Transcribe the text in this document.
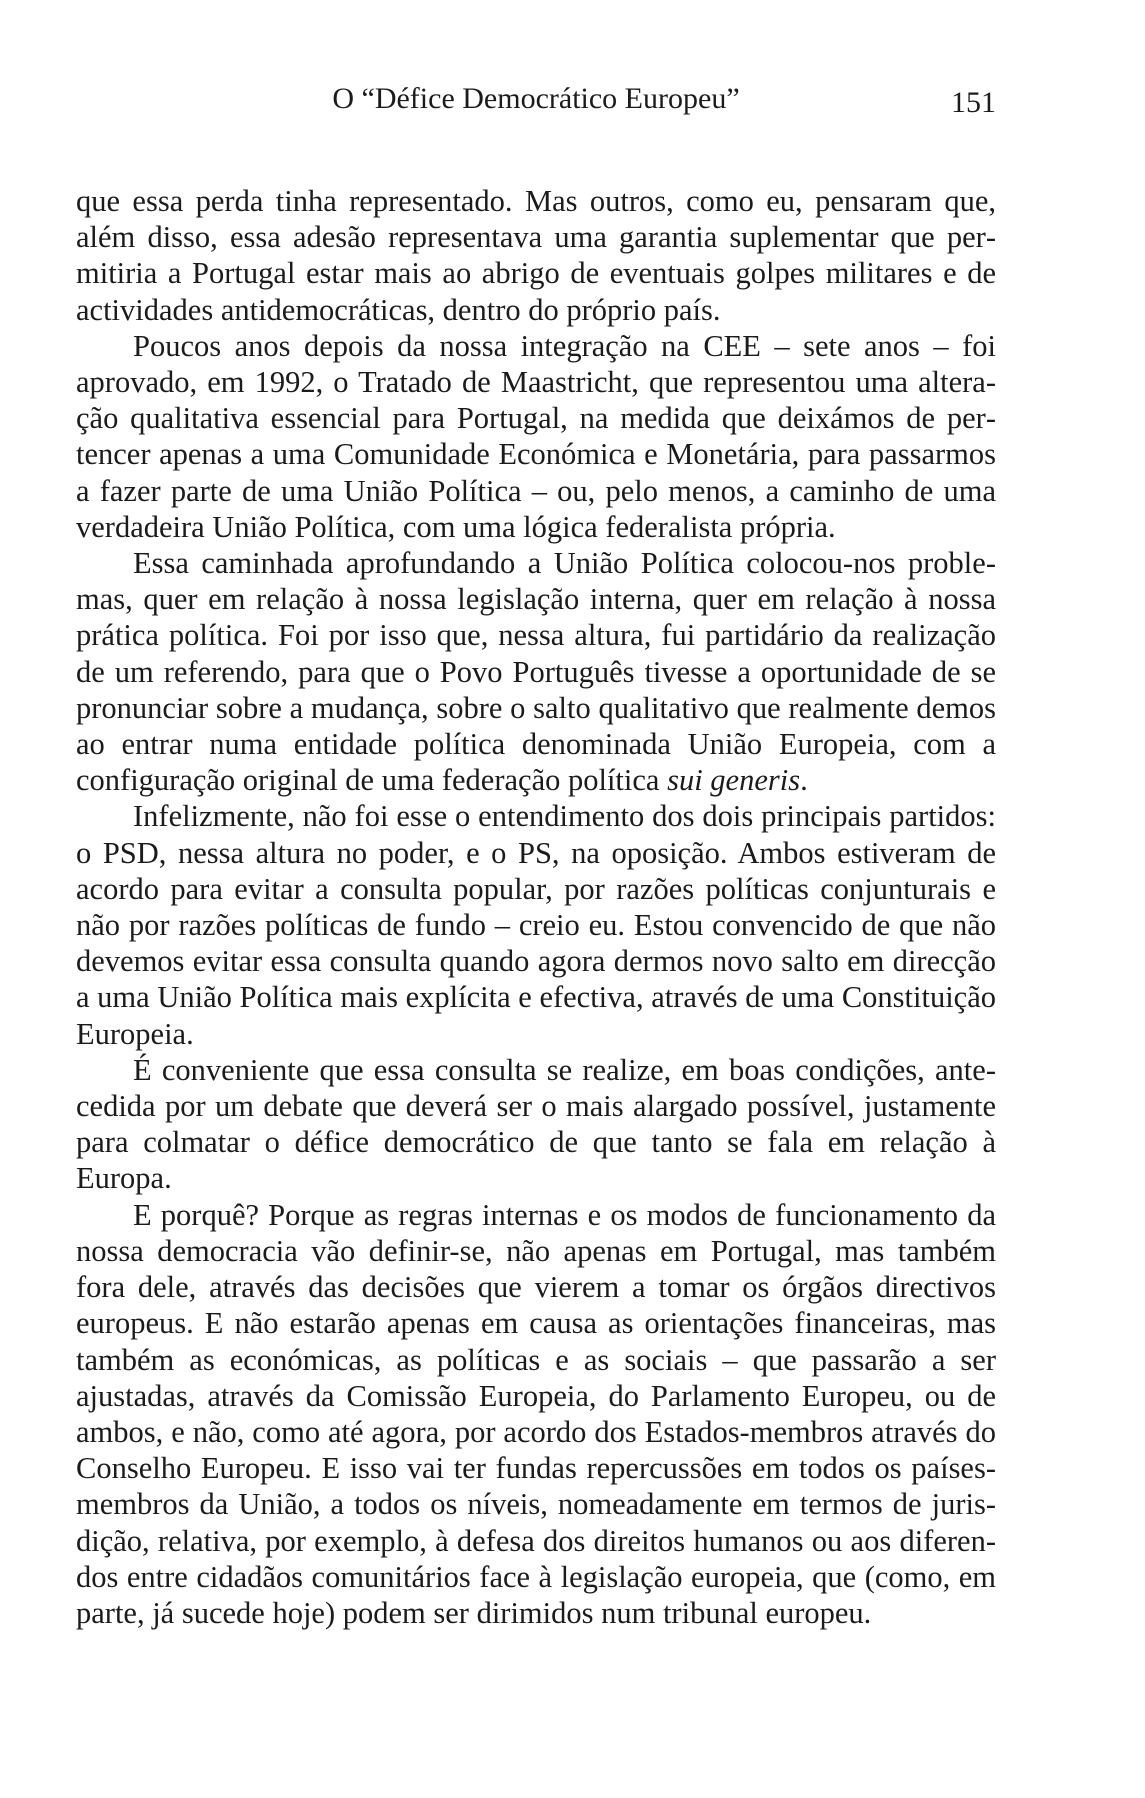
O “Défice Democrático Europeu”	151

que essa perda tinha representado. Mas outros, como eu, pensaram que, além disso, essa adesão representava uma garantia suplementar que permitiria a Portugal estar mais ao abrigo de eventuais golpes militares e de actividades antidemocráticas, dentro do próprio país.

Poucos anos depois da nossa integração na CEE – sete anos – foi aprovado, em 1992, o Tratado de Maastricht, que representou uma alteração qualitativa essencial para Portugal, na medida que deixámos de pertencer apenas a uma Comunidade Económica e Monetária, para passarmos a fazer parte de uma União Política – ou, pelo menos, a caminho de uma verdadeira União Política, com uma lógica federalista própria.

Essa caminhada aprofundando a União Política colocou-nos problemas, quer em relação à nossa legislação interna, quer em relação à nossa prática política. Foi por isso que, nessa altura, fui partidário da realização de um referendo, para que o Povo Português tivesse a oportunidade de se pronunciar sobre a mudança, sobre o salto qualitativo que realmente demos ao entrar numa entidade política denominada União Europeia, com a configuração original de uma federação política sui generis.

Infelizmente, não foi esse o entendimento dos dois principais partidos: o PSD, nessa altura no poder, e o PS, na oposição. Ambos estiveram de acordo para evitar a consulta popular, por razões políticas conjunturais e não por razões políticas de fundo – creio eu. Estou convencido de que não devemos evitar essa consulta quando agora dermos novo salto em direcção a uma União Política mais explícita e efectiva, através de uma Constituição Europeia.

É conveniente que essa consulta se realize, em boas condições, antecedida por um debate que deverá ser o mais alargado possível, justamente para colmatar o défice democrático de que tanto se fala em relação à Europa.

E porquê? Porque as regras internas e os modos de funcionamento da nossa democracia vão definir-se, não apenas em Portugal, mas também fora dele, através das decisões que vierem a tomar os órgãos directivos europeus. E não estarão apenas em causa as orientações financeiras, mas também as económicas, as políticas e as sociais – que passarão a ser ajustadas, através da Comissão Europeia, do Parlamento Europeu, ou de ambos, e não, como até agora, por acordo dos Estados-membros através do Conselho Europeu. E isso vai ter fundas repercussões em todos os países-membros da União, a todos os níveis, nomeadamente em termos de jurisdição, relativa, por exemplo, à defesa dos direitos humanos ou aos diferendos entre cidadãos comunitários face à legislação europeia, que (como, em parte, já sucede hoje) podem ser dirimidos num tribunal europeu.
